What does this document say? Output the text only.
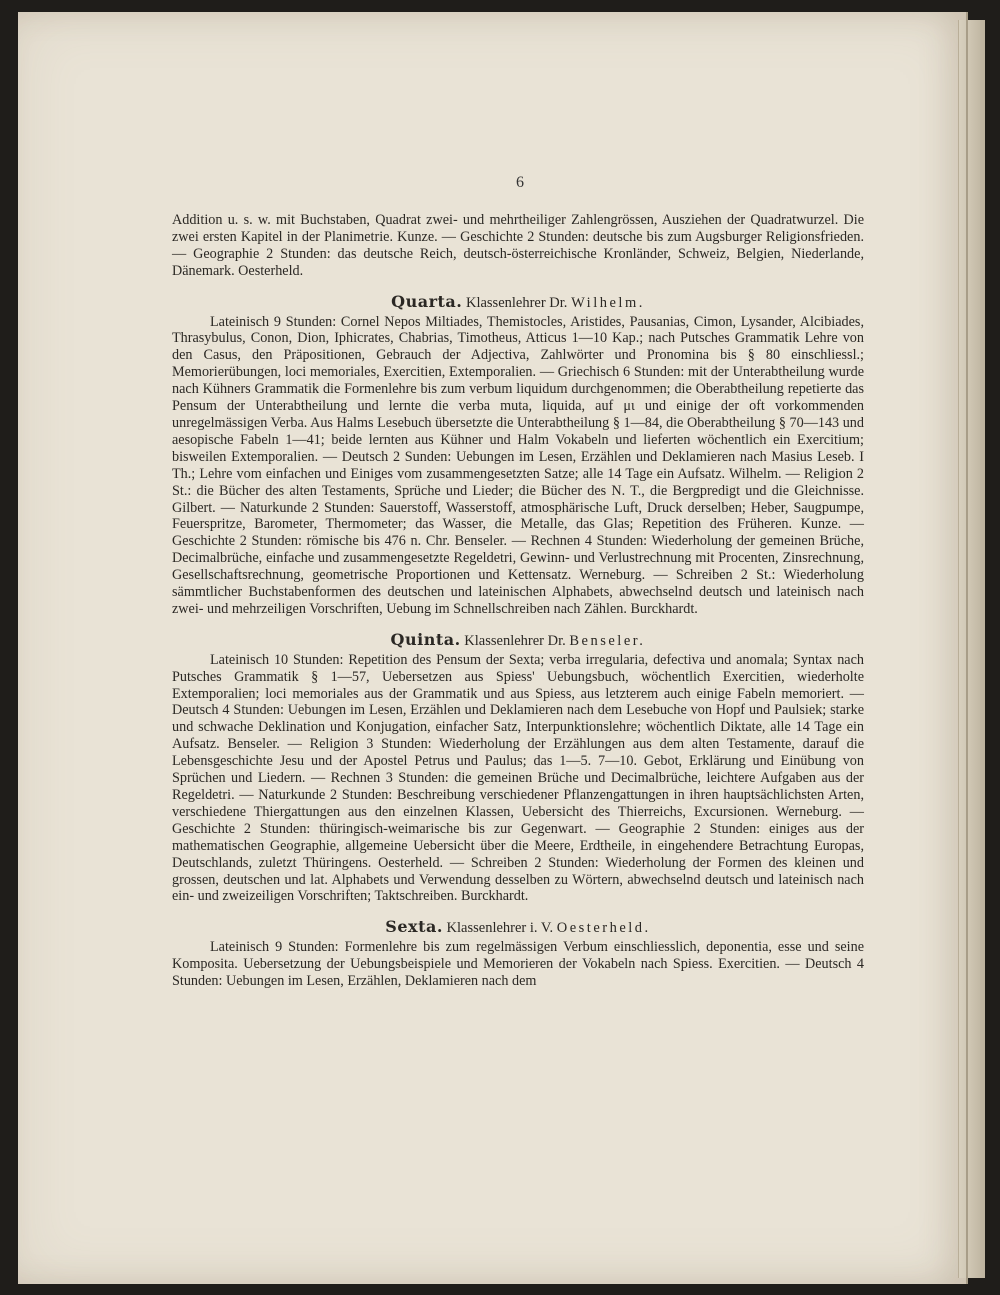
6

Addition u. s. w. mit Buchstaben, Quadrat zwei- und mehrtheiliger Zahlengrössen, Ausziehen der Quadratwurzel. Die zwei ersten Kapitel in der Planimetrie. Kunze. — Geschichte 2 Stunden: deutsche bis zum Augsburger Religionsfrieden. — Geographie 2 Stunden: das deutsche Reich, deutsch-österreichische Kronländer, Schweiz, Belgien, Niederlande, Dänemark. Oesterheld.

Quarta. Klassenlehrer Dr. Wilhelm.

Lateinisch 9 Stunden: Cornel Nepos Miltiades, Themistocles, Aristides, Pausanias, Cimon, Lysander, Alcibiades, Thrasybulus, Conon, Dion, Iphicrates, Chabrias, Timotheus, Atticus 1—10 Kap.; nach Putsches Grammatik Lehre von den Casus, den Präpositionen, Gebrauch der Adjectiva, Zahlwörter und Pronomina bis § 80 einschliessl.; Memorierübungen, loci memoriales, Exercitien, Extemporalien. — Griechisch 6 Stunden: mit der Unterabtheilung wurde nach Kühners Grammatik die Formenlehre bis zum verbum liquidum durchgenommen; die Oberabtheilung repetierte das Pensum der Unterabtheilung und lernte die verba muta, liquida, auf μι und einige der oft vorkommenden unregelmässigen Verba. Aus Halms Lesebuch übersetzte die Unterabtheilung § 1—84, die Oberabtheilung § 70—143 und aesopische Fabeln 1—41; beide lernten aus Kühner und Halm Vokabeln und lieferten wöchentlich ein Exercitium; bisweilen Extemporalien. — Deutsch 2 Sunden: Uebungen im Lesen, Erzählen und Deklamieren nach Masius Leseb. I Th.; Lehre vom einfachen und Einiges vom zusammengesetzten Satze; alle 14 Tage ein Aufsatz. Wilhelm. — Religion 2 St.: die Bücher des alten Testaments, Sprüche und Lieder; die Bücher des N. T., die Bergpredigt und die Gleichnisse. Gilbert. — Naturkunde 2 Stunden: Sauerstoff, Wasserstoff, atmosphärische Luft, Druck derselben; Heber, Saugpumpe, Feuerspritze, Barometer, Thermometer; das Wasser, die Metalle, das Glas; Repetition des Früheren. Kunze. — Geschichte 2 Stunden: römische bis 476 n. Chr. Benseler. — Rechnen 4 Stunden: Wiederholung der gemeinen Brüche, Decimalbrüche, einfache und zusammengesetzte Regeldetri, Gewinn- und Verlustrechnung mit Procenten, Zinsrechnung, Gesellschaftsrechnung, geometrische Proportionen und Kettensatz. Werneburg. — Schreiben 2 St.: Wiederholung sämmtlicher Buchstabenformen des deutschen und lateinischen Alphabets, abwechselnd deutsch und lateinisch nach zwei- und mehrzeiligen Vorschriften, Uebung im Schnellschreiben nach Zählen. Burckhardt.

Quinta. Klassenlehrer Dr. Benseler.

Lateinisch 10 Stunden: Repetition des Pensum der Sexta; verba irregularia, defectiva und anomala; Syntax nach Putsches Grammatik § 1—57, Uebersetzen aus Spiess' Uebungsbuch, wöchentlich Exercitien, wiederholte Extemporalien; loci memoriales aus der Grammatik und aus Spiess, aus letzterem auch einige Fabeln memoriert. — Deutsch 4 Stunden: Uebungen im Lesen, Erzählen und Deklamieren nach dem Lesebuche von Hopf und Paulsiek; starke und schwache Deklination und Konjugation, einfacher Satz, Interpunktionslehre; wöchentlich Diktate, alle 14 Tage ein Aufsatz. Benseler. — Religion 3 Stunden: Wiederholung der Erzählungen aus dem alten Testamente, darauf die Lebensgeschichte Jesu und der Apostel Petrus und Paulus; das 1—5. 7—10. Gebot, Erklärung und Einübung von Sprüchen und Liedern. — Rechnen 3 Stunden: die gemeinen Brüche und Decimalbrüche, leichtere Aufgaben aus der Regeldetri. — Naturkunde 2 Stunden: Beschreibung verschiedener Pflanzengattungen in ihren hauptsächlichsten Arten, verschiedene Thiergattungen aus den einzelnen Klassen, Uebersicht des Thierreichs, Excursionen. Werneburg. — Geschichte 2 Stunden: thüringisch-weimarische bis zur Gegenwart. — Geographie 2 Stunden: einiges aus der mathematischen Geographie, allgemeine Uebersicht über die Meere, Erdtheile, in eingehendere Betrachtung Europas, Deutschlands, zuletzt Thüringens. Oesterheld. — Schreiben 2 Stunden: Wiederholung der Formen des kleinen und grossen, deutschen und lat. Alphabets und Verwendung desselben zu Wörtern, abwechselnd deutsch und lateinisch nach ein- und zweizeiligen Vorschriften; Taktschreiben. Burckhardt.

Sexta. Klassenlehrer i. V. Oesterheld.

Lateinisch 9 Stunden: Formenlehre bis zum regelmässigen Verbum einschliesslich, deponentia, esse und seine Komposita. Uebersetzung der Uebungsbeispiele und Memorieren der Vokabeln nach Spiess. Exercitien. — Deutsch 4 Stunden: Uebungen im Lesen, Erzählen, Deklamieren nach dem
